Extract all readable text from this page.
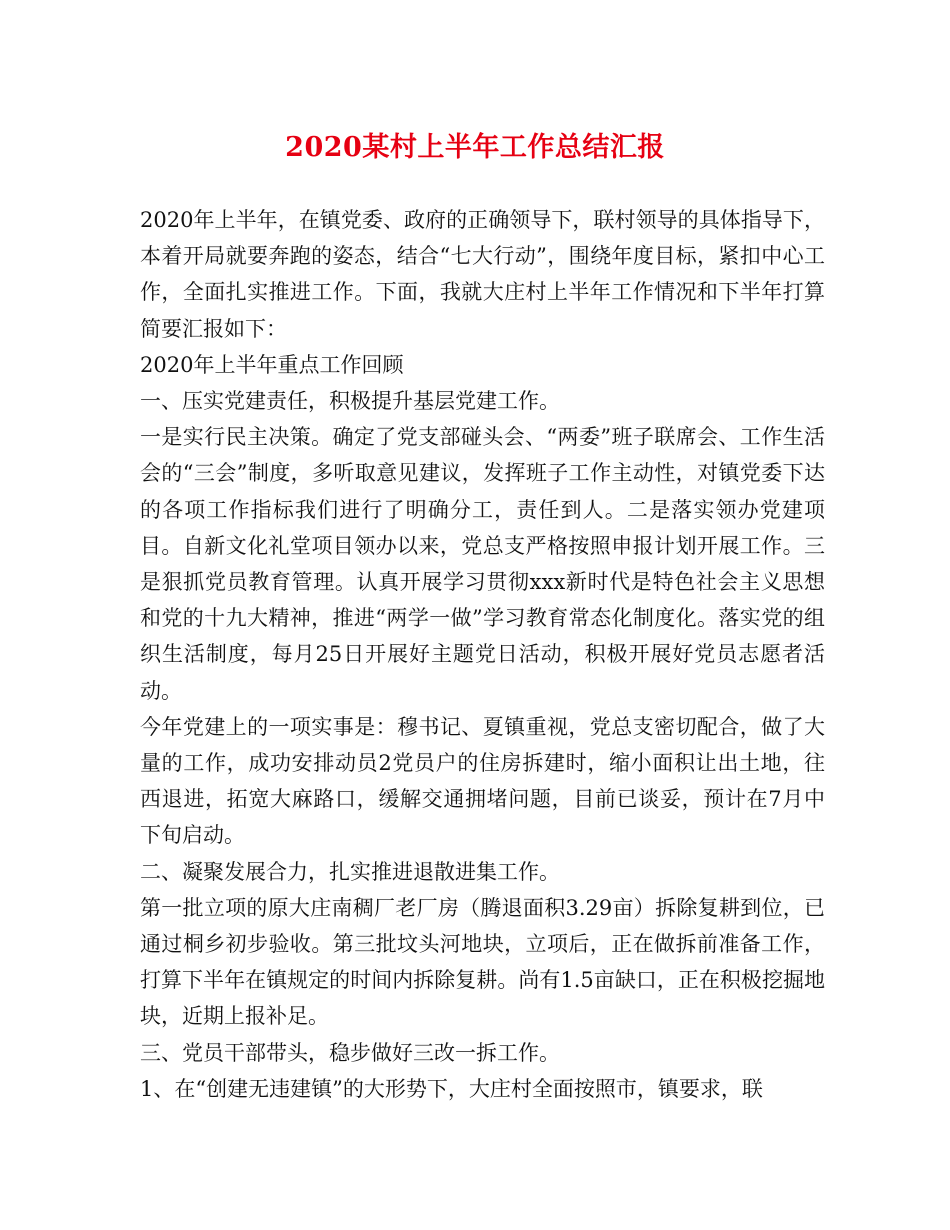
2020某村上半年工作总结汇报

2020年上半年，在镇党委、政府的正确领导下，联村领导的具体指导下，本着开局就要奔跑的姿态，结合“七大行动”，围绕年度目标，紧扣中心工作，全面扎实推进工作。下面，我就大庄村上半年工作情况和下半年打算简要汇报如下：

2020年上半年重点工作回顾

一、压实党建责任，积极提升基层党建工作。

一是实行民主决策。确定了党支部碰头会、“两委”班子联席会、工作生活会的“三会”制度，多听取意见建议，发挥班子工作主动性，对镇党委下达的各项工作指标我们进行了明确分工，责任到人。二是落实领办党建项目。自新文化礼堂项目领办以来，党总支严格按照申报计划开展工作。三是狠抓党员教育管理。认真开展学习贯彻xxx新时代是特色社会主义思想和党的十九大精神，推进“两学一做”学习教育常态化制度化。落实党的组织生活制度，每月25日开展好主题党日活动，积极开展好党员志愿者活动。

今年党建上的一项实事是：穆书记、夏镇重视，党总支密切配合，做了大量的工作，成功安排动员2党员户的住房拆建时，缩小面积让出土地，往西退进，拓宽大麻路口，缓解交通拥堵问题，目前已谈妥，预计在7月中下旬启动。

二、凝聚发展合力，扎实推进退散进集工作。

第一批立项的原大庄南稠厂老厂房（腾退面积3.29亩）拆除复耕到位，已通过桐乡初步验收。第三批坟头河地块，立项后，正在做拆前准备工作，打算下半年在镇规定的时间内拆除复耕。尚有1.5亩缺口，正在积极挖掘地块，近期上报补足。

三、党员干部带头，稳步做好三改一拆工作。

1、在“创建无违建镇”的大形势下，大庄村全面按照市，镇要求，联
